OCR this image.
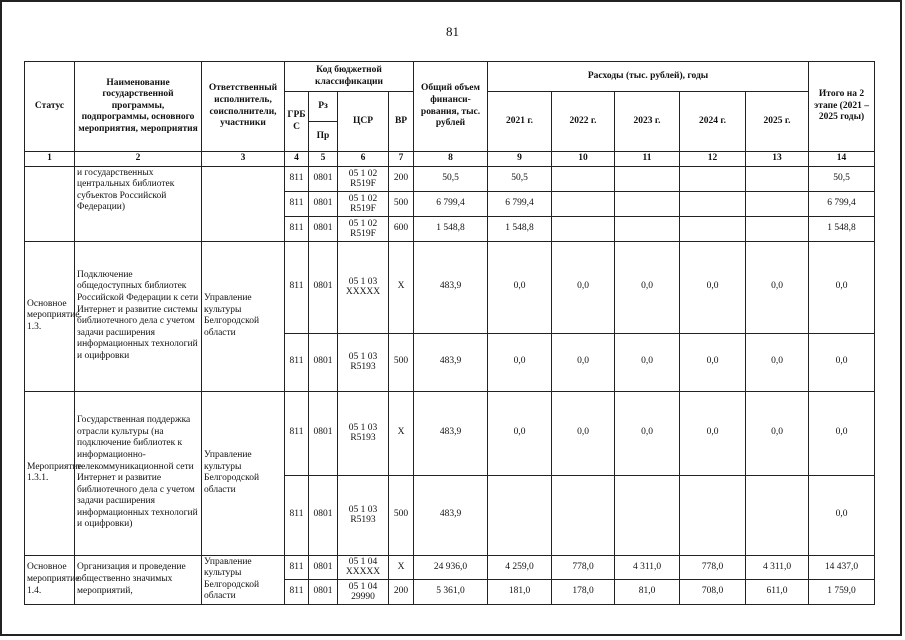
81
Статус	Наименование государственной программы, подпрограммы, основного мероприятия, мероприятия	Ответственный исполнитель, соисполнители, участники	Код бюджетной классификации				Общий объем финанси- рования, тыс. рублей	Расходы (тыс. рублей), годы					Итого на 2 этапе (2021 – 2025 годы)
			ГРБ С	Рз	ЦСР	ВР		2021 г.	2022 г.	2023 г.	2024 г.	2025 г.	
				Пр									
1	2	3	4	5	6	7	8	9	10	11	12	13	14
	и государственных центральных библиотек субъектов Российской Федерации)		811	0801	05 1 02 R519F	200	50,5	50,5					50,5
			811	0801	05 1 02 R519F	500	6 799,4	6 799,4					6 799,4
			811	0801	05 1 02 R519F	600	1 548,8	1 548,8					1 548,8
Основное мероприятие 1.3.	Подключение общедоступных библиотек Российской Федерации к сети Интернет и развитие системы библиотечного дела с учетом задачи расширения информационных технологий и оцифровки	Управление культуры Белгородской области	811	0801	05 1 03 XXXXX	X	483,9	0,0	0,0	0,0	0,0	0,0	0,0
			811	0801	05 1 03 R5193	500	483,9	0,0	0,0	0,0	0,0	0,0	0,0
Мероприятие 1.3.1.	Государственная поддержка отрасли культуры (на подключение библиотек к информационно-телекоммуникационной сети Интернет и развитие библиотечного дела с учетом задачи расширения информационных технологий и оцифровки)	Управление культуры Белгородской области	811	0801	05 1 03 R5193	X	483,9	0,0	0,0	0,0	0,0	0,0	0,0
			811	0801	05 1 03 R5193	500	483,9						0,0
Основное мероприятие 1.4.	Организация и проведение общественно значимых мероприятий,	Управление культуры Белгородской области	811	0801	05 1 04 XXXXX	X	24 936,0	4 259,0	778,0	4 311,0	778,0	4 311,0	14 437,0
			811	0801	05 1 04 29990	200	5 361,0	181,0	178,0	81,0	708,0	611,0	1 759,0
